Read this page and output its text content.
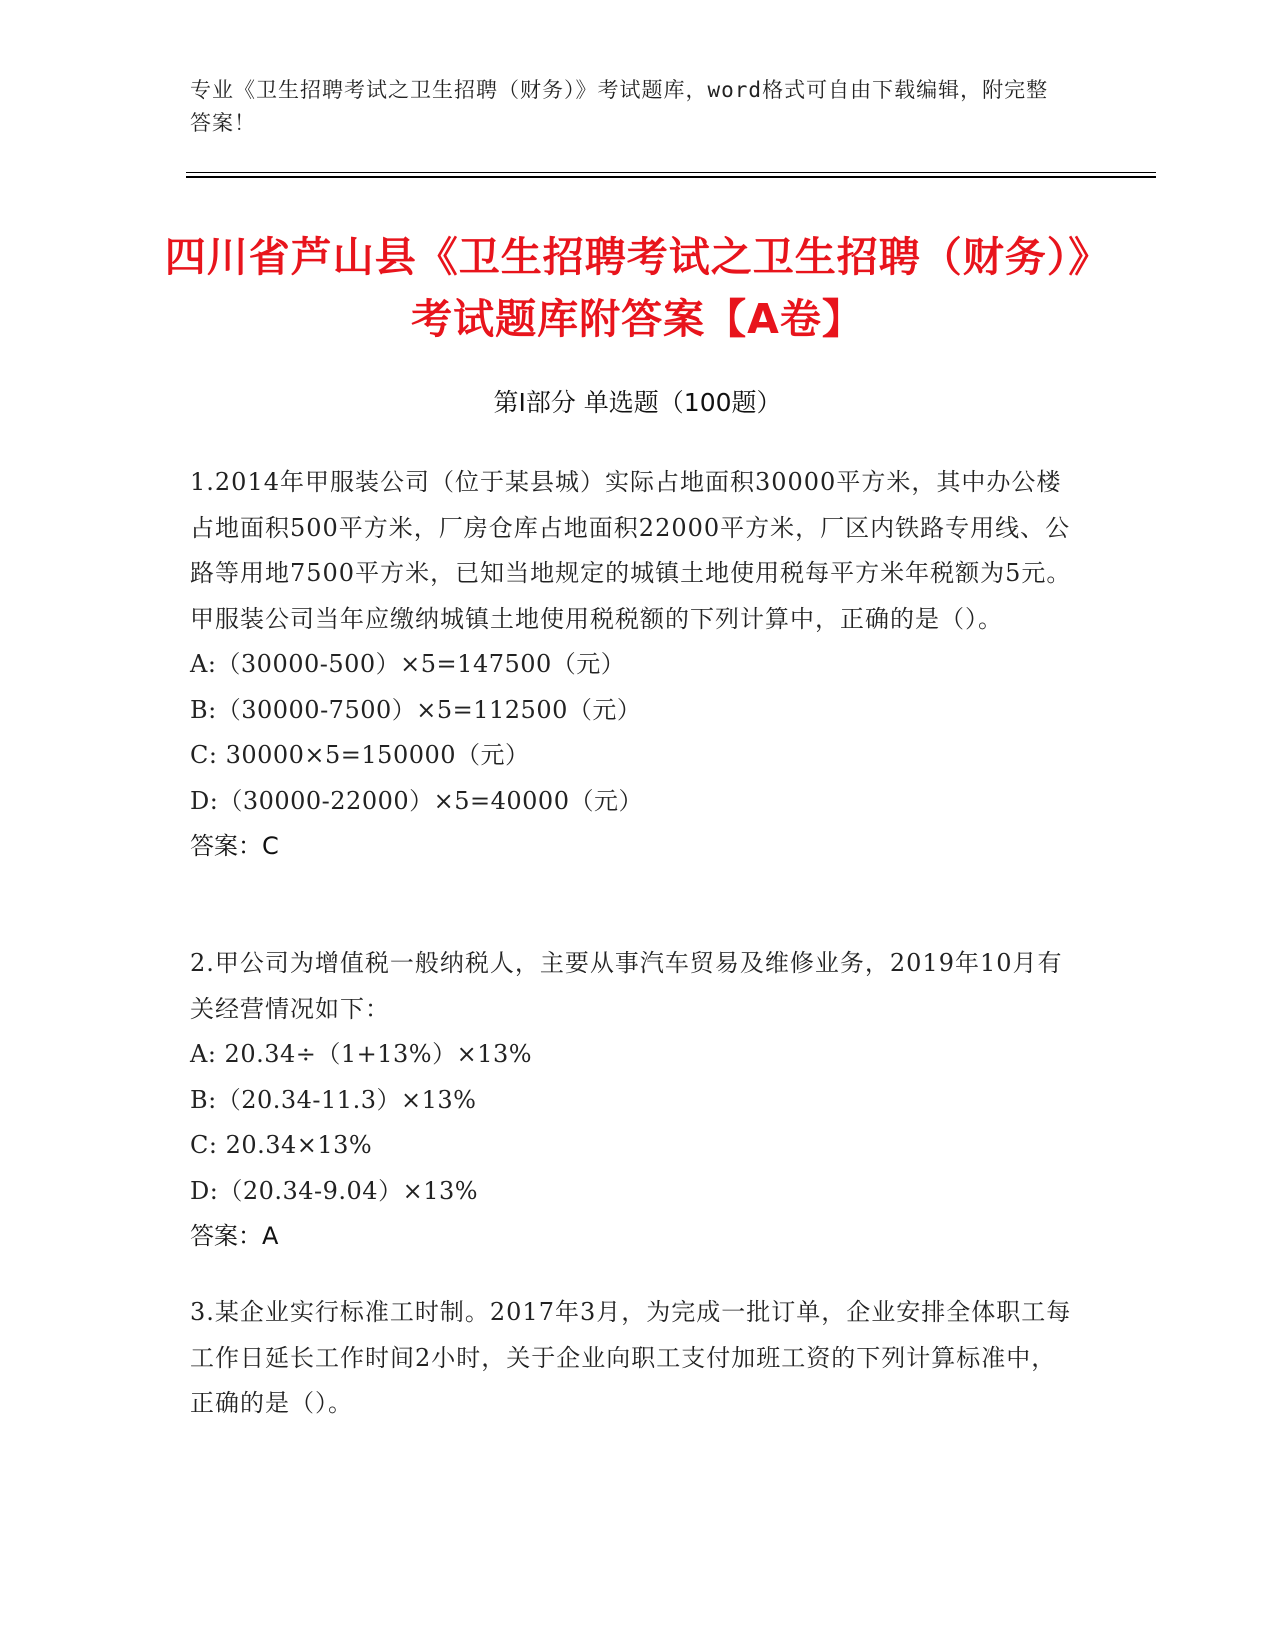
专业《卫生招聘考试之卫生招聘（财务）》考试题库，word格式可自由下载编辑，附完整答案！
四川省芦山县《卫生招聘考试之卫生招聘（财务）》考试题库附答案【A卷】
第Ⅰ部分 单选题（100题）
1.2014年甲服装公司（位于某县城）实际占地面积30000平方米，其中办公楼占地面积500平方米，厂房仓库占地面积22000平方米，厂区内铁路专用线、公路等用地7500平方米，已知当地规定的城镇土地使用税每平方米年税额为5元。甲服装公司当年应缴纳城镇土地使用税税额的下列计算中，正确的是（）。
A:（30000-500）×5=147500（元）
B:（30000-7500）×5=112500（元）
C: 30000×5=150000（元）
D:（30000-22000）×5=40000（元）
答案：C
2.甲公司为增值税一般纳税人，主要从事汽车贸易及维修业务，2019年10月有关经营情况如下：
A: 20.34÷（1+13%）×13%
B:（20.34-11.3）×13%
C: 20.34×13%
D:（20.34-9.04）×13%
答案：A
3.某企业实行标准工时制。2017年3月，为完成一批订单，企业安排全体职工每工作日延长工作时间2小时，关于企业向职工支付加班工资的下列计算标准中，正确的是（）。
